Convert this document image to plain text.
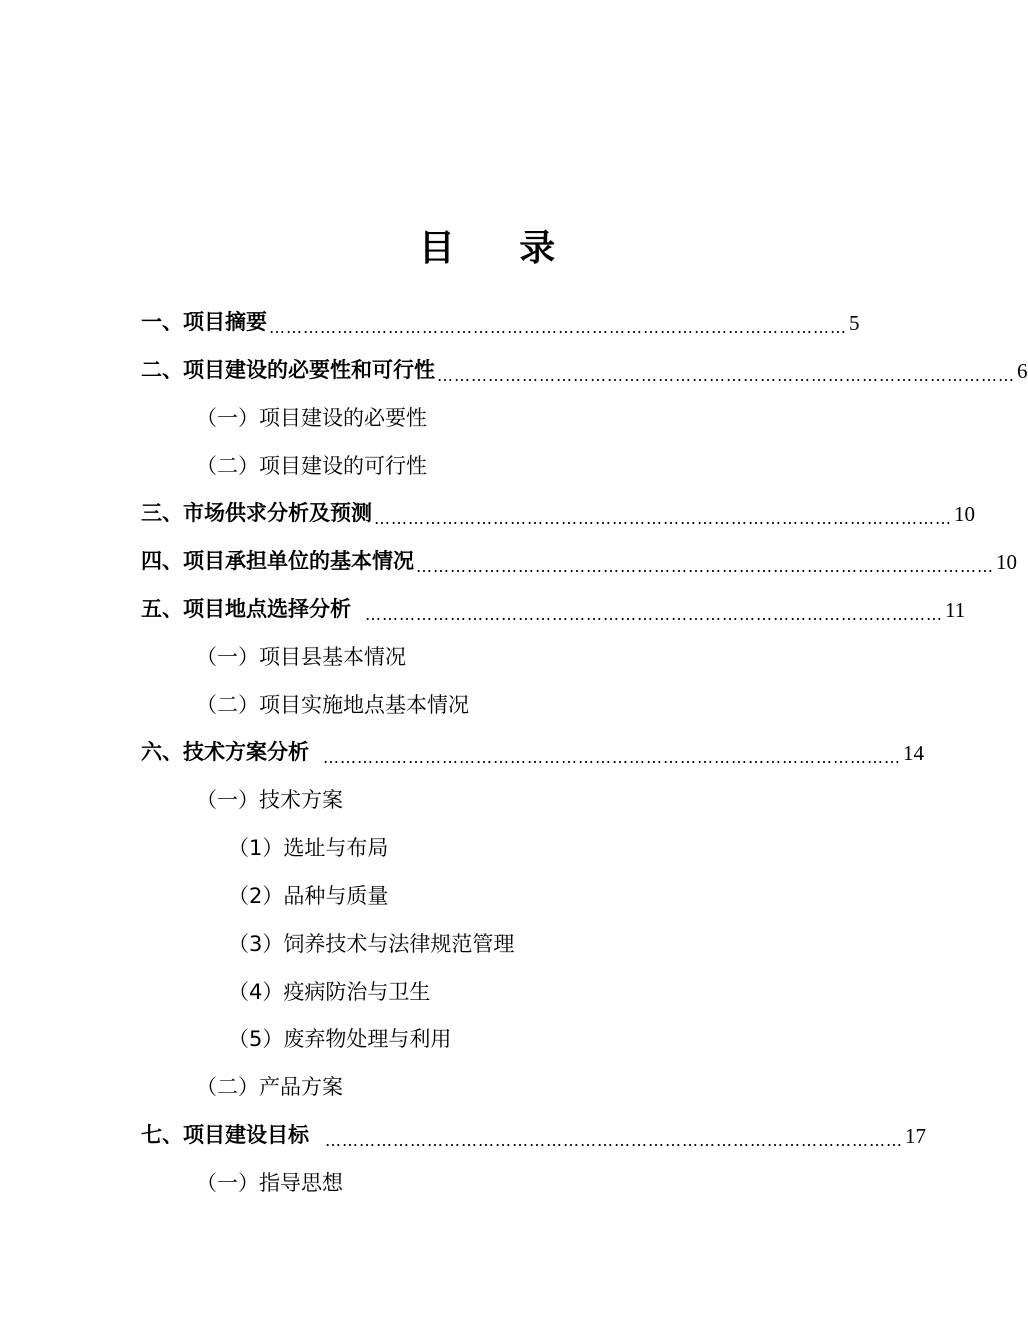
目 录
一、项目摘要 ………………………………………………………………………………………… 5
二、项目建设的必要性和可行性 ………………………………………………………………………………………… 6
（一）项目建设的必要性
（二）项目建设的可行性
三、市场供求分析及预测 ………………………………………………………………………………………… 10
四、项目承担单位的基本情况 ………………………………………………………………………………………… 10
五、项目地点选择分析 ………………………………………………………………………………………… 11
（一）项目县基本情况
（二）项目实施地点基本情况
六、技术方案分析 ………………………………………………………………………………………… 14
（一）技术方案
（1）选址与布局
（2）品种与质量
（3）饲养技术与法律规范管理
（4）疫病防治与卫生
（5）废弃物处理与利用
（二）产品方案
七、项目建设目标 ………………………………………………………………………………………… 17
（一）指导思想
